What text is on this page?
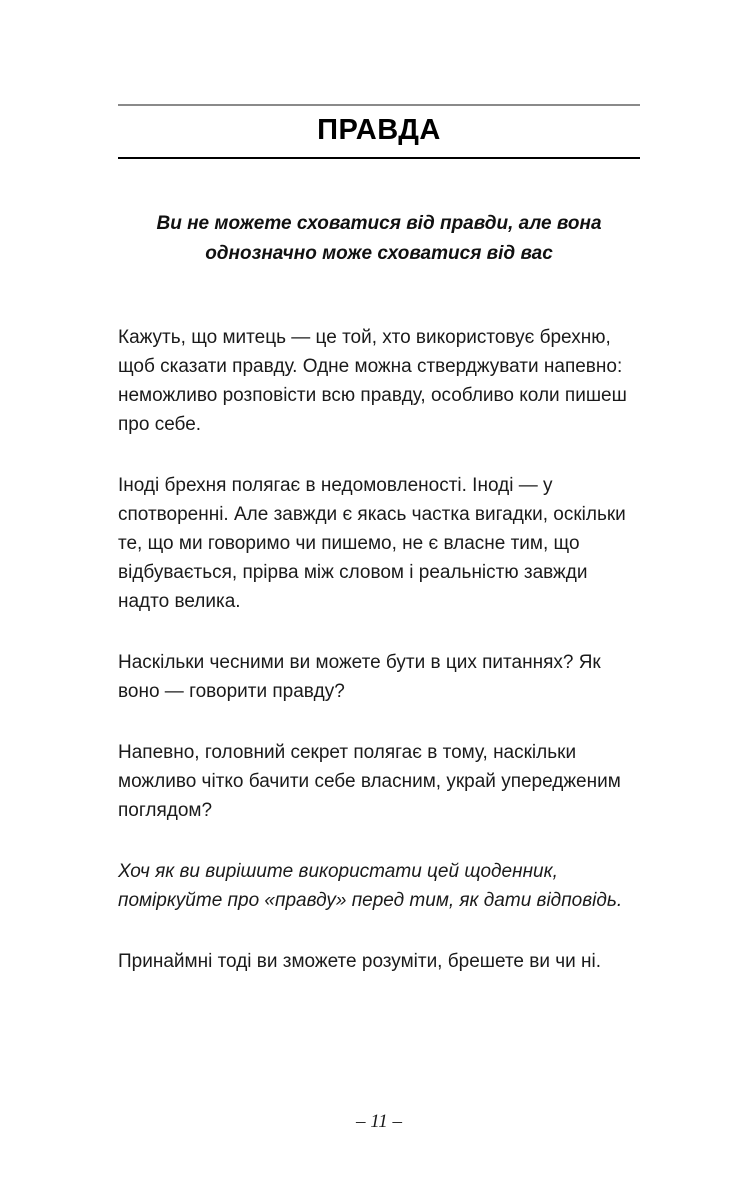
ПРАВДА
Ви не можете сховатися від правди, але вона однозначно може сховатися від вас

Кажуть, що митець — це той, хто використовує брехню, щоб сказати правду. Одне можна стверджувати напевно: неможливо розповісти всю правду, особливо коли пишеш про себе.

Іноді брехня полягає в недомовленості. Іноді — у спотворенні. Але завжди є якась частка вигадки, оскільки те, що ми говоримо чи пишемо, не є власне тим, що відбувається, прірва між словом і реальністю завжди надто велика.

Наскільки чесними ви можете бути в цих питаннях? Як воно — говорити правду?

Напевно, головний секрет полягає в тому, наскільки можливо чітко бачити себе власним, украй упередженим поглядом?

Хоч як ви вирішите використати цей щоденник, поміркуйте про «правду» перед тим, як дати відповідь.

Принаймні тоді ви зможете розуміти, брешете ви чи ні.

– 11 –
